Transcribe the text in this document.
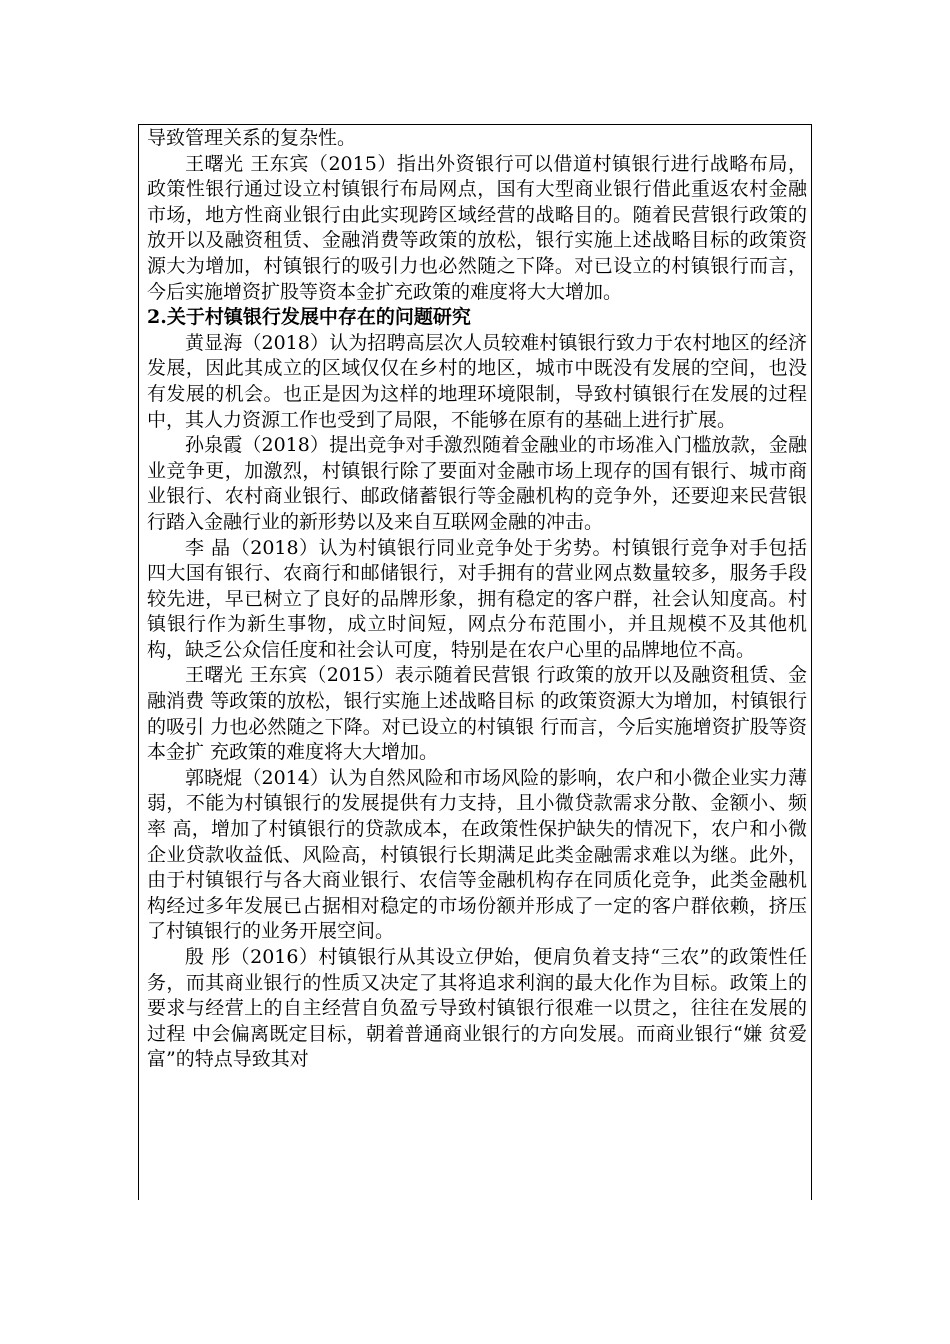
导致管理关系的复杂性。

王曙光 王东宾（2015）指出外资银行可以借道村镇银行进行战略布局，政策性银行通过设立村镇银行布局网点，国有大型商业银行借此重返农村金融市场，地方性商业银行由此实现跨区域经营的战略目的。随着民营银行政策的放开以及融资租赁、金融消费等政策的放松，银行实施上述战略目标的政策资源大为增加，村镇银行的吸引力也必然随之下降。对已设立的村镇银行而言，今后实施增资扩股等资本金扩充政策的难度将大大增加。

2.关于村镇银行发展中存在的问题研究

黄显海（2018）认为招聘高层次人员较难村镇银行致力于农村地区的经济发展，因此其成立的区域仅仅在乡村的地区，城市中既没有发展的空间，也没有发展的机会。也正是因为这样的地理环境限制，导致村镇银行在发展的过程中，其人力资源工作也受到了局限，不能够在原有的基础上进行扩展。

孙泉霞（2018）提出竞争对手激烈随着金融业的市场准入门槛放款，金融业竞争更，加激烈，村镇银行除了要面对金融市场上现存的国有银行、城市商业银行、农村商业银行、邮政储蓄银行等金融机构的竞争外，还要迎来民营银行踏入金融行业的新形势以及来自互联网金融的冲击。

李 晶（2018）认为村镇银行同业竞争处于劣势。村镇银行竞争对手包括四大国有银行、农商行和邮储银行，对手拥有的营业网点数量较多，服务手段较先进，早已树立了良好的品牌形象，拥有稳定的客户群，社会认知度高。村镇银行作为新生事物，成立时间短，网点分布范围小，并且规模不及其他机构，缺乏公众信任度和社会认可度，特别是在农户心里的品牌地位不高。

王曙光 王东宾（2015）表示随着民营银 行政策的放开以及融资租赁、金融消费 等政策的放松，银行实施上述战略目标 的政策资源大为增加，村镇银行的吸引 力也必然随之下降。对已设立的村镇银 行而言，今后实施增资扩股等资本金扩 充政策的难度将大大增加。

郭晓焜（2014）认为自然风险和市场风险的影响，农户和小微企业实力薄弱，不能为村镇银行的发展提供有力支持，且小微贷款需求分散、金额小、频率 高，增加了村镇银行的贷款成本，在政策性保护缺失的情况下，农户和小微企业贷款收益低、风险高，村镇银行长期满足此类金融需求难以为继。此外，由于村镇银行与各大商业银行、农信等金融机构存在同质化竞争，此类金融机构经过多年发展已占据相对稳定的市场份额并形成了一定的客户群依赖，挤压了村镇银行的业务开展空间。

殷 彤（2016）村镇银行从其设立伊始，便肩负着支持“三农”的政策性任务，而其商业银行的性质又决定了其将追求利润的最大化作为目标。政策上的要求与经营上的自主经营自负盈亏导致村镇银行很难一以贯之，往往在发展的过程 中会偏离既定目标，朝着普通商业银行的方向发展。而商业银行“嫌 贫爱富”的特点导致其对
